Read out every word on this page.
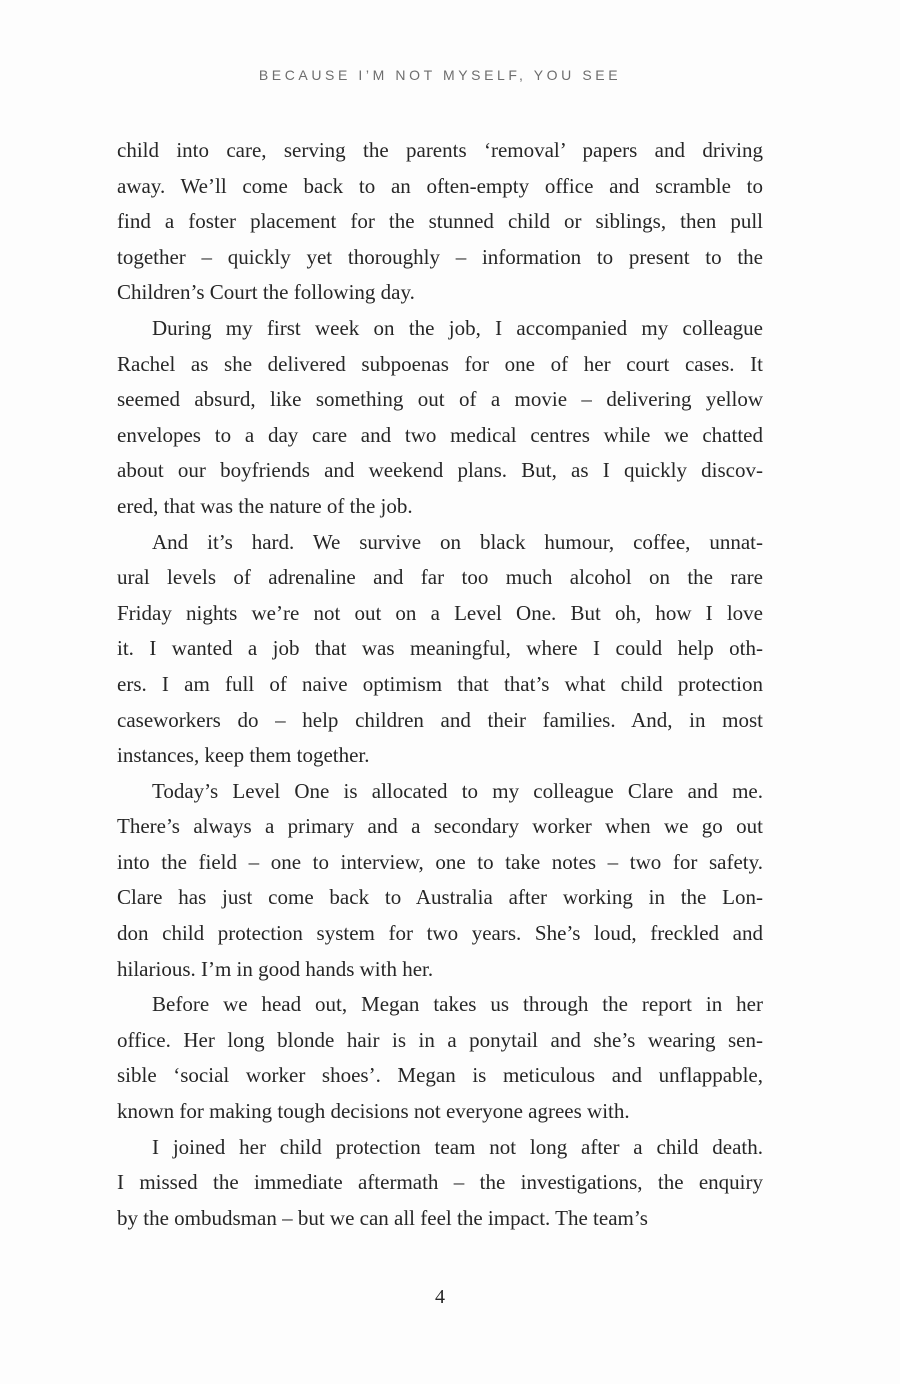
BECAUSE I’M NOT MYSELF, YOU SEE
child into care, serving the parents ‘removal’ papers and driving
away. We’ll come back to an often-empty office and scramble to
find a foster placement for the stunned child or siblings, then pull
together – quickly yet thoroughly – information to present to the
Children’s Court the following day.
During my first week on the job, I accompanied my colleague
Rachel as she delivered subpoenas for one of her court cases. It
seemed absurd, like something out of a movie – delivering yellow
envelopes to a day care and two medical centres while we chatted
about our boyfriends and weekend plans. But, as I quickly discov-
ered, that was the nature of the job.
And it’s hard. We survive on black humour, coffee, unnat-
ural levels of adrenaline and far too much alcohol on the rare
Friday nights we’re not out on a Level One. But oh, how I love
it. I wanted a job that was meaningful, where I could help oth-
ers. I am full of naive optimism that that’s what child protection
caseworkers do – help children and their families. And, in most
instances, keep them together.
Today’s Level One is allocated to my colleague Clare and me.
There’s always a primary and a secondary worker when we go out
into the field – one to interview, one to take notes – two for safety.
Clare has just come back to Australia after working in the Lon-
don child protection system for two years. She’s loud, freckled and
hilarious. I’m in good hands with her.
Before we head out, Megan takes us through the report in her
office. Her long blonde hair is in a ponytail and she’s wearing sen-
sible ‘social worker shoes’. Megan is meticulous and unflappable,
known for making tough decisions not everyone agrees with.
I joined her child protection team not long after a child death.
I missed the immediate aftermath – the investigations, the enquiry
by the ombudsman – but we can all feel the impact. The team’s
4
